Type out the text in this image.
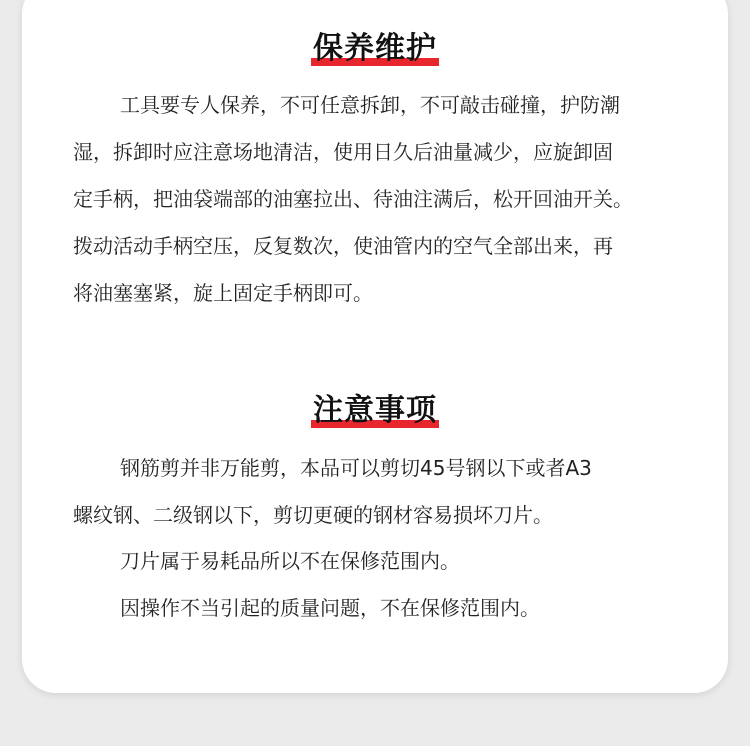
保养维护

工具要专人保养，不可任意拆卸，不可敲击碰撞，护防潮

湿，拆卸时应注意场地清洁，使用日久后油量减少，应旋卸固

定手柄，把油袋端部的油塞拉出、待油注满后，松开回油开关。

拨动活动手柄空压，反复数次，使油管内的空气全部出来，再

将油塞塞紧，旋上固定手柄即可。

注意事项

钢筋剪并非万能剪，本品可以剪切45号钢以下或者A3

螺纹钢、二级钢以下，剪切更硬的钢材容易损坏刀片。

刀片属于易耗品所以不在保修范围内。

因操作不当引起的质量问题，不在保修范围内。
